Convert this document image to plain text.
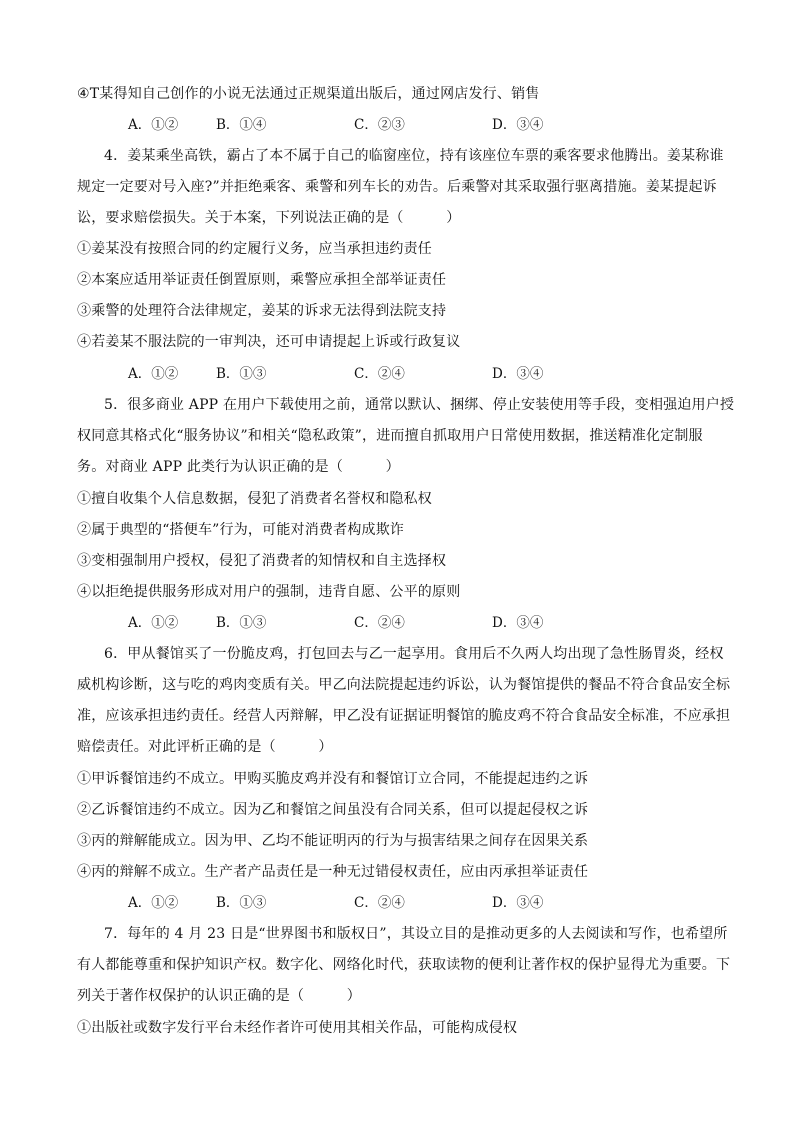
④T某得知自己创作的小说无法通过正规渠道出版后，通过网店发行、销售
A．①②	B．①④	C．②③	D．③④
4．姜某乘坐高铁，霸占了本不属于自己的临窗座位，持有该座位车票的乘客要求他腾出。姜某称谁
规定一定要对号入座?”并拒绝乘客、乘警和列车长的劝告。后乘警对其采取强行驱离措施。姜某提起诉
讼，要求赔偿损失。关于本案，下列说法正确的是（　　　）
①姜某没有按照合同的约定履行义务，应当承担违约责任
②本案应适用举证责任倒置原则，乘警应承担全部举证责任
③乘警的处理符合法律规定，姜某的诉求无法得到法院支持
④若姜某不服法院的一审判决，还可申请提起上诉或行政复议
A．①②	B．①③	C．②④	D．③④
5．很多商业 APP 在用户下载使用之前，通常以默认、捆绑、停止安装使用等手段，变相强迫用户授
权同意其格式化“服务协议”和相关“隐私政策”，进而擅自抓取用户日常使用数据，推送精准化定制服
务。对商业 APP 此类行为认识正确的是（　　　）
①擅自收集个人信息数据，侵犯了消费者名誉权和隐私权
②属于典型的“搭便车”行为，可能对消费者构成欺诈
③变相强制用户授权，侵犯了消费者的知情权和自主选择权
④以拒绝提供服务形成对用户的强制，违背自愿、公平的原则
A．①②	B．①③	C．②④	D．③④
6．甲从餐馆买了一份脆皮鸡，打包回去与乙一起享用。食用后不久两人均出现了急性肠胃炎，经权
威机构诊断，这与吃的鸡肉变质有关。甲乙向法院提起违约诉讼，认为餐馆提供的餐品不符合食品安全标
准，应该承担违约责任。经营人丙辩解，甲乙没有证据证明餐馆的脆皮鸡不符合食品安全标准，不应承担
赔偿责任。对此评析正确的是（　　　）
①甲诉餐馆违约不成立。甲购买脆皮鸡并没有和餐馆订立合同，不能提起违约之诉
②乙诉餐馆违约不成立。因为乙和餐馆之间虽没有合同关系，但可以提起侵权之诉
③丙的辩解能成立。因为甲、乙均不能证明丙的行为与损害结果之间存在因果关系
④丙的辩解不成立。生产者产品责任是一种无过错侵权责任，应由丙承担举证责任
A．①②	B．①③	C．②④	D．③④
7．每年的 4 月 23 日是“世界图书和版权日”，其设立目的是推动更多的人去阅读和写作，也希望所
有人都能尊重和保护知识产权。数字化、网络化时代，获取读物的便利让著作权的保护显得尤为重要。下
列关于著作权保护的认识正确的是（　　　）
①出版社或数字发行平台未经作者许可使用其相关作品，可能构成侵权
